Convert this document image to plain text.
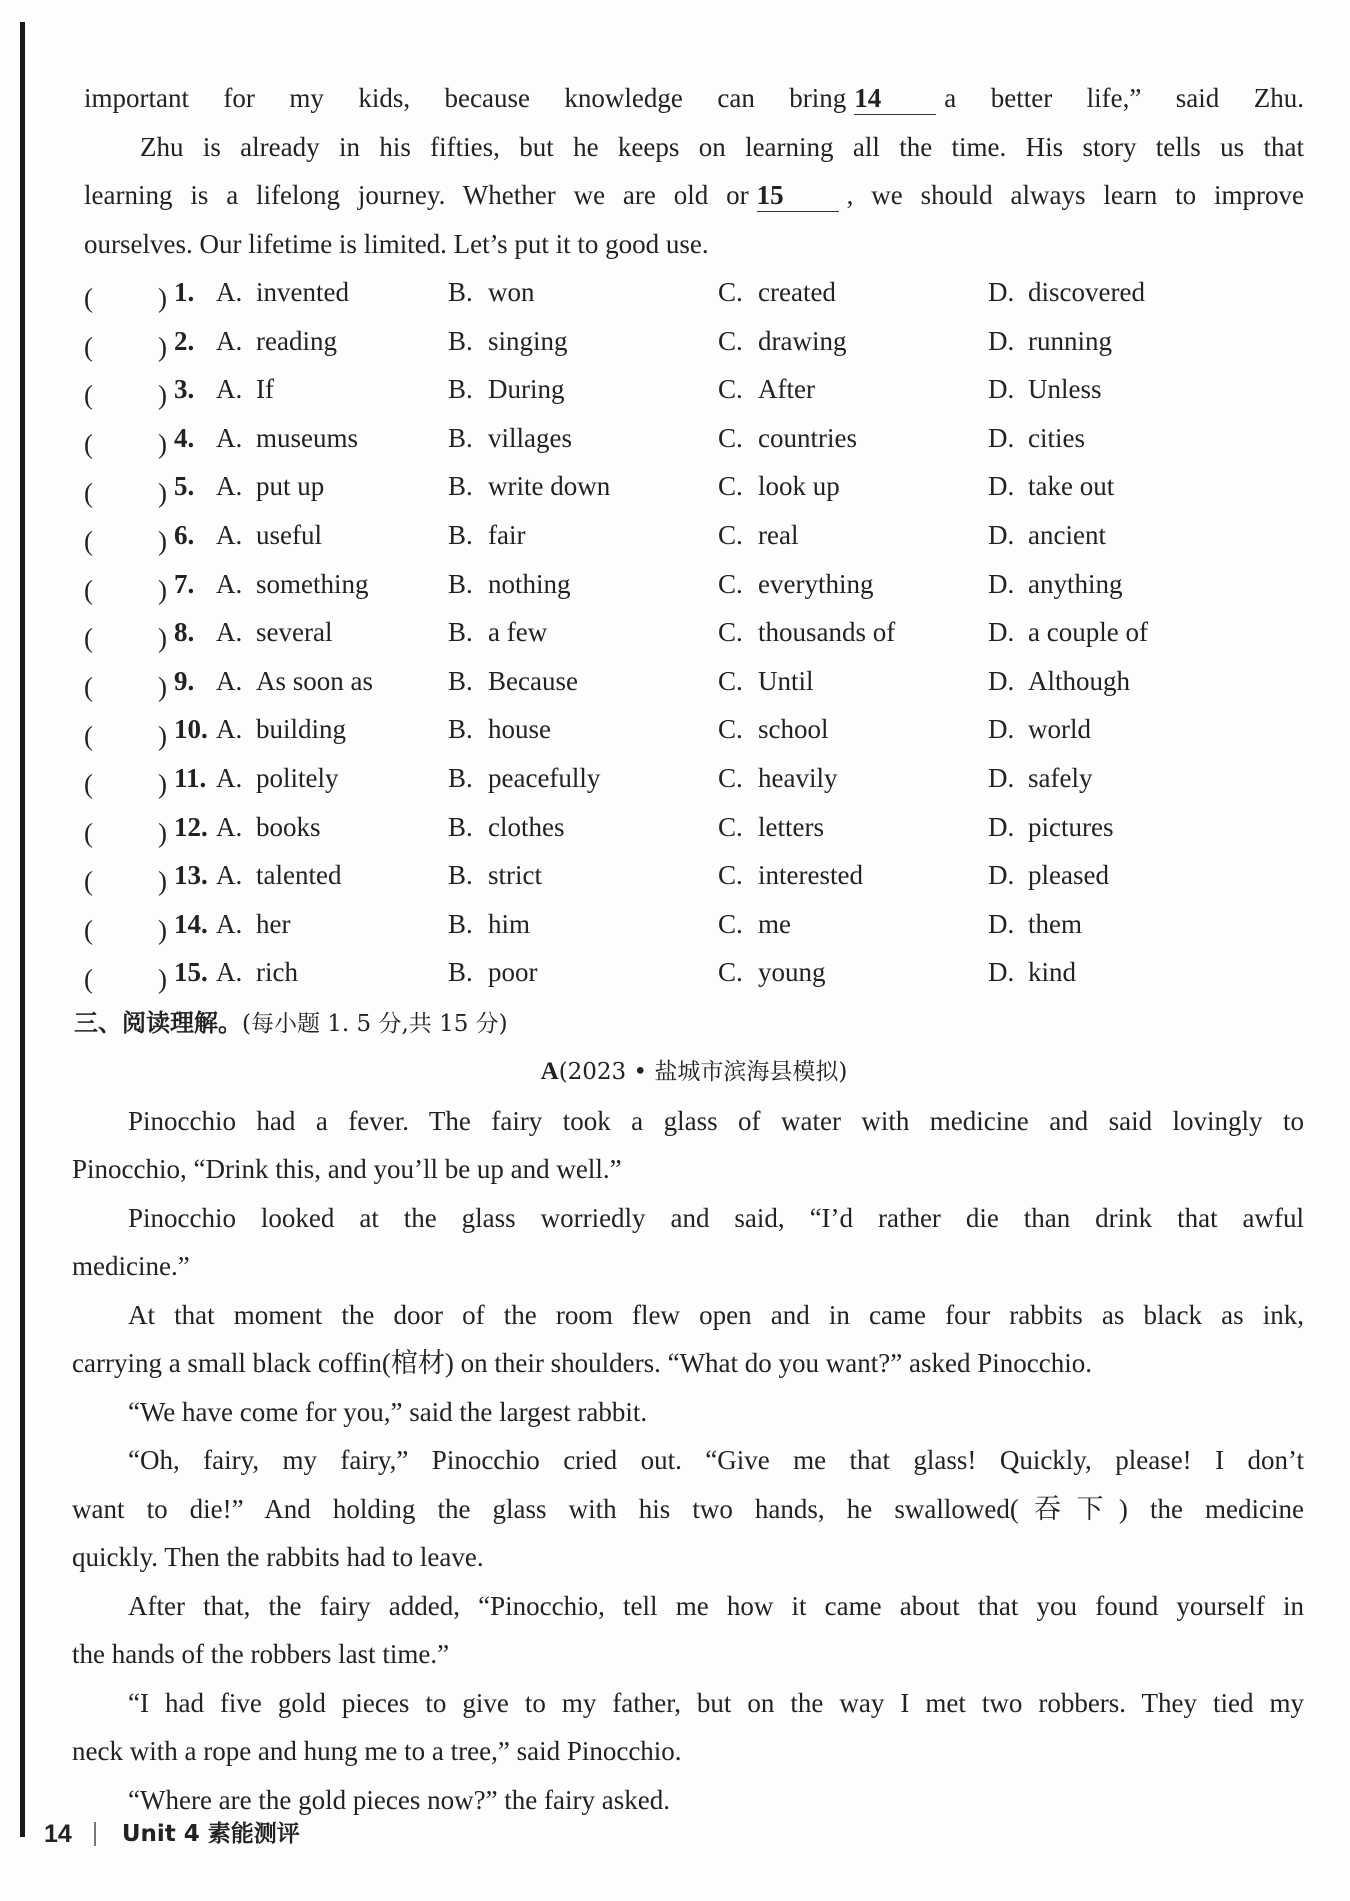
important for my kids, because knowledge can bring 14 a better life,” said Zhu.
Zhu is already in his fifties, but he keeps on learning all the time. His story tells us that
learning is a lifelong journey. Whether we are old or 15 , we should always learn to improve
ourselves. Our lifetime is limited. Let’s put it to good use.
( ) 1. A. invented	B. won	C. created	D. discovered
( ) 2. A. reading	B. singing	C. drawing	D. running
( ) 3. A. If	B. During	C. After	D. Unless
( ) 4. A. museums	B. villages	C. countries	D. cities
( ) 5. A. put up	B. write down	C. look up	D. take out
( ) 6. A. useful	B. fair	C. real	D. ancient
( ) 7. A. something	B. nothing	C. everything	D. anything
( ) 8. A. several	B. a few	C. thousands of	D. a couple of
( ) 9. A. As soon as	B. Because	C. Until	D. Although
( ) 10. A. building	B. house	C. school	D. world
( ) 11. A. politely	B. peacefully	C. heavily	D. safely
( ) 12. A. books	B. clothes	C. letters	D. pictures
( ) 13. A. talented	B. strict	C. interested	D. pleased
( ) 14. A. her	B. him	C. me	D. them
( ) 15. A. rich	B. poor	C. young	D. kind
三、阅读理解。(每小题 1. 5 分,共 15 分)
A(2023 • 盐城市滨海县模拟)
Pinocchio had a fever. The fairy took a glass of water with medicine and said lovingly to
Pinocchio, “Drink this, and you’ll be up and well.”
Pinocchio looked at the glass worriedly and said, “I’d rather die than drink that awful
medicine.”
At that moment the door of the room flew open and in came four rabbits as black as ink,
carrying a small black coffin(棺材) on their shoulders. “What do you want?” asked Pinocchio.
“We have come for you,” said the largest rabbit.
“Oh, fairy, my fairy,” Pinocchio cried out. “Give me that glass! Quickly, please! I don’t
want to die!” And holding the glass with his two hands, he swallowed(吞下) the medicine
quickly. Then the rabbits had to leave.
After that, the fairy added, “Pinocchio, tell me how it came about that you found yourself in
the hands of the robbers last time.”
“I had five gold pieces to give to my father, but on the way I met two robbers. They tied my
neck with a rope and hung me to a tree,” said Pinocchio.
“Where are the gold pieces now?” the fairy asked.
14 Unit 4 素能测评
